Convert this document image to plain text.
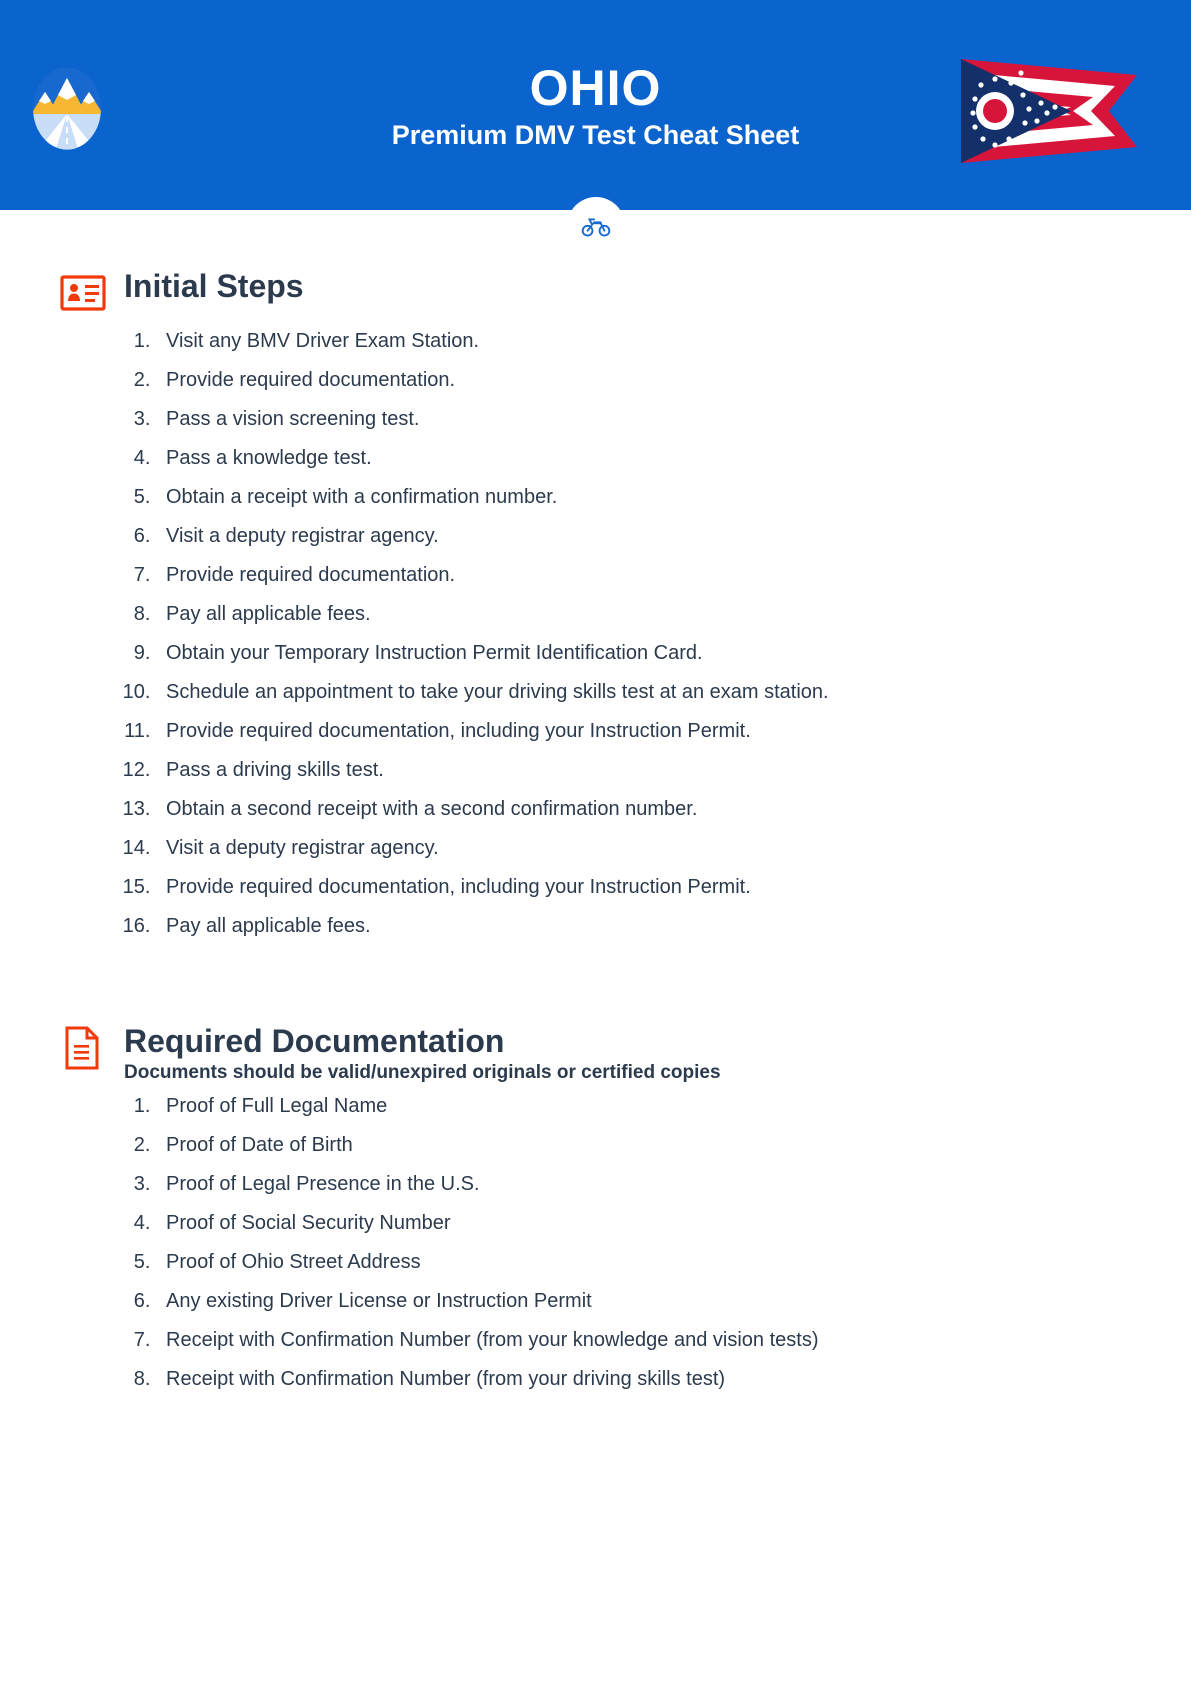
OHIO
Premium DMV Test Cheat Sheet
Initial Steps
1. Visit any BMV Driver Exam Station.
2. Provide required documentation.
3. Pass a vision screening test.
4. Pass a knowledge test.
5. Obtain a receipt with a confirmation number.
6. Visit a deputy registrar agency.
7. Provide required documentation.
8. Pay all applicable fees.
9. Obtain your Temporary Instruction Permit Identification Card.
10. Schedule an appointment to take your driving skills test at an exam station.
11. Provide required documentation, including your Instruction Permit.
12. Pass a driving skills test.
13. Obtain a second receipt with a second confirmation number.
14. Visit a deputy registrar agency.
15. Provide required documentation, including your Instruction Permit.
16. Pay all applicable fees.
Required Documentation

Documents should be valid/unexpired originals or certified copies

1. Proof of Full Legal Name
2. Proof of Date of Birth
3. Proof of Legal Presence in the U.S.
4. Proof of Social Security Number
5. Proof of Ohio Street Address
6. Any existing Driver License or Instruction Permit
7. Receipt with Confirmation Number (from your knowledge and vision tests)
8. Receipt with Confirmation Number (from your driving skills test)
